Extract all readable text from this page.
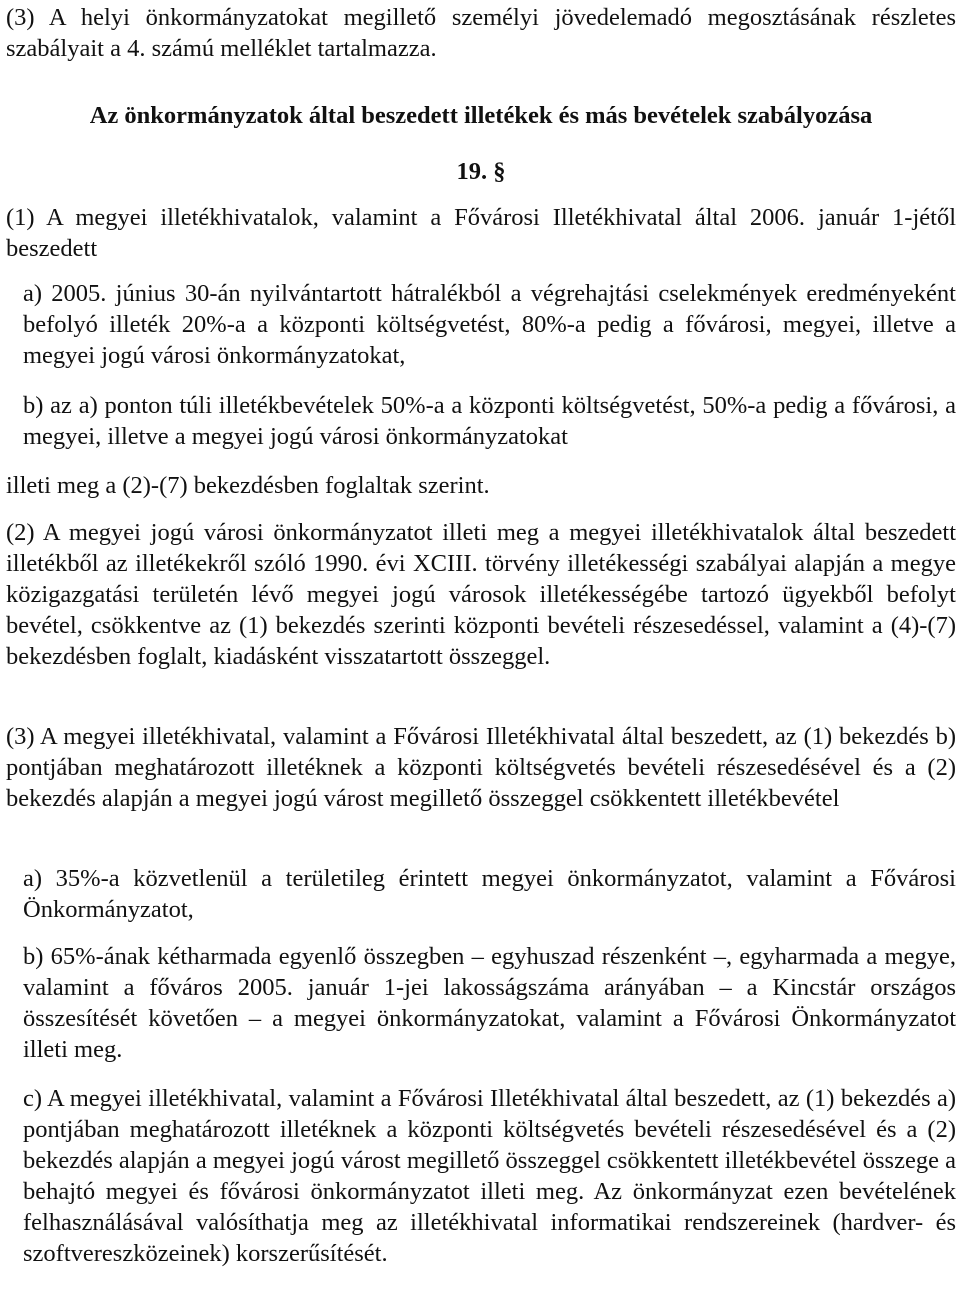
(3) A helyi önkormányzatokat megillető személyi jövedelemadó megosztásának részletes szabályait a 4. számú melléklet tartalmazza.

Az önkormányzatok által beszedett illetékek és más bevételek szabályozása

19. §

(1) A megyei illetékhivatalok, valamint a Fővárosi Illetékhivatal által 2006. január 1-jétől beszedett

a) 2005. június 30-án nyilvántartott hátralékból a végrehajtási cselekmények eredményeként befolyó illeték 20%-a a központi költségvetést, 80%-a pedig a fővárosi, megyei, illetve a megyei jogú városi önkormányzatokat,

b) az a) ponton túli illetékbevételek 50%-a a központi költségvetést, 50%-a pedig a fővárosi, a megyei, illetve a megyei jogú városi önkormányzatokat

illeti meg a (2)-(7) bekezdésben foglaltak szerint.

(2) A megyei jogú városi önkormányzatot illeti meg a megyei illetékhivatalok által beszedett illetékből az illetékekről szóló 1990. évi XCIII. törvény illetékességi szabályai alapján a megye közigazgatási területén lévő megyei jogú városok illetékességébe tartozó ügyekből befolyt bevétel, csökkentve az (1) bekezdés szerinti központi bevételi részesedéssel, valamint a (4)-(7) bekezdésben foglalt, kiadásként visszatartott összeggel.

(3) A megyei illetékhivatal, valamint a Fővárosi Illetékhivatal által beszedett, az (1) bekezdés b) pontjában meghatározott illetéknek a központi költségvetés bevételi részesedésével és a (2) bekezdés alapján a megyei jogú várost megillető összeggel csökkentett illetékbevétel

a) 35%-a közvetlenül a területileg érintett megyei önkormányzatot, valamint a Fővárosi Önkormányzatot,

b) 65%-ának kétharmada egyenlő összegben – egyhuszad részenként –, egyharmada a megye, valamint a főváros 2005. január 1-jei lakosságszáma arányában – a Kincstár országos összesítését követően – a megyei önkormányzatokat, valamint a Fővárosi Önkormányzatot illeti meg.

c) A megyei illetékhivatal, valamint a Fővárosi Illetékhivatal által beszedett, az (1) bekezdés a) pontjában meghatározott illetéknek a központi költségvetés bevételi részesedésével és a (2) bekezdés alapján a megyei jogú várost megillető összeggel csökkentett illetékbevétel összege a behajtó megyei és fővárosi önkormányzatot illeti meg. Az önkormányzat ezen bevételének felhasználásával valósíthatja meg az illetékhivatal informatikai rendszereinek (hardver- és szoftvereszközeinek) korszerűsítését.
